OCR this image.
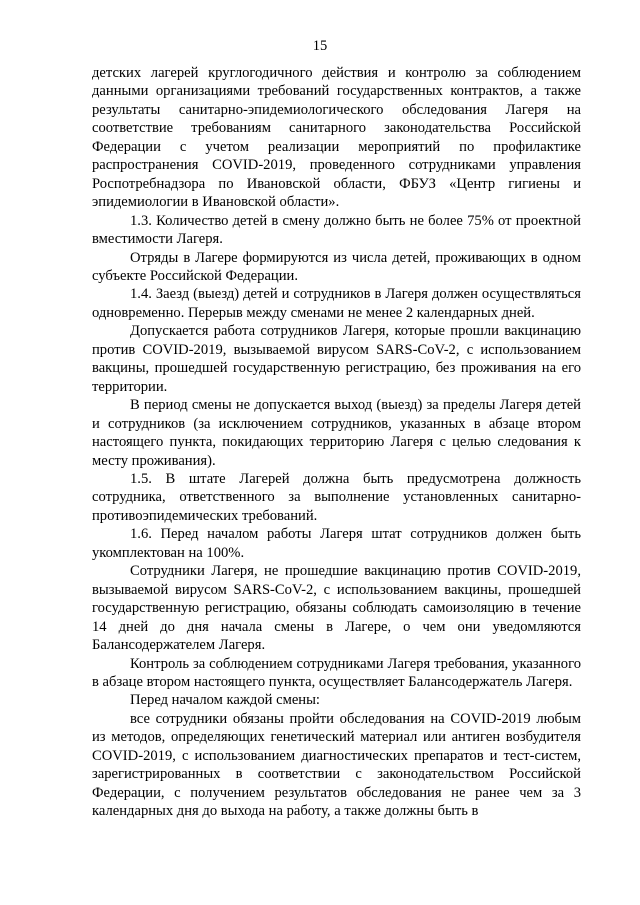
15

детских лагерей круглогодичного действия и контролю за соблюдением данными организациями требований государственных контрактов, а также результаты санитарно-эпидемиологического обследования Лагеря на соответствие требованиям санитарного законодательства Российской Федерации с учетом реализации мероприятий по профилактике распространения COVID-2019, проведенного сотрудниками управления Роспотребнадзора по Ивановской области, ФБУЗ «Центр гигиены и эпидемиологии в Ивановской области».

1.3. Количество детей в смену должно быть не более 75% от проектной вместимости Лагеря.

Отряды в Лагере формируются из числа детей, проживающих в одном субъекте Российской Федерации.

1.4. Заезд (выезд) детей и сотрудников в Лагеря должен осуществляться одновременно. Перерыв между сменами не менее 2 календарных дней.

Допускается работа сотрудников Лагеря, которые прошли вакцинацию против COVID-2019, вызываемой вирусом SARS-CoV-2, с использованием вакцины, прошедшей государственную регистрацию, без проживания на его территории.

В период смены не допускается выход (выезд) за пределы Лагеря детей и сотрудников (за исключением сотрудников, указанных в абзаце втором настоящего пункта, покидающих территорию Лагеря с целью следования к месту проживания).

1.5. В штате Лагерей должна быть предусмотрена должность сотрудника, ответственного за выполнение установленных санитарно-противоэпидемических требований.

1.6. Перед началом работы Лагеря штат сотрудников должен быть укомплектован на 100%.

Сотрудники Лагеря, не прошедшие вакцинацию против COVID-2019, вызываемой вирусом SARS-CoV-2, с использованием вакцины, прошедшей государственную регистрацию, обязаны соблюдать самоизоляцию в течение 14 дней до дня начала смены в Лагере, о чем они уведомляются Балансодержателем Лагеря.

Контроль за соблюдением сотрудниками Лагеря требования, указанного в абзаце втором настоящего пункта, осуществляет Балансодержатель Лагеря.

Перед началом каждой смены:

все сотрудники обязаны пройти обследования на COVID-2019 любым из методов, определяющих генетический материал или антиген возбудителя COVID-2019, с использованием диагностических препаратов и тест-систем, зарегистрированных в соответствии с законодательством Российской Федерации, с получением результатов обследования не ранее чем за 3 календарных дня до выхода на работу, а также должны быть в
